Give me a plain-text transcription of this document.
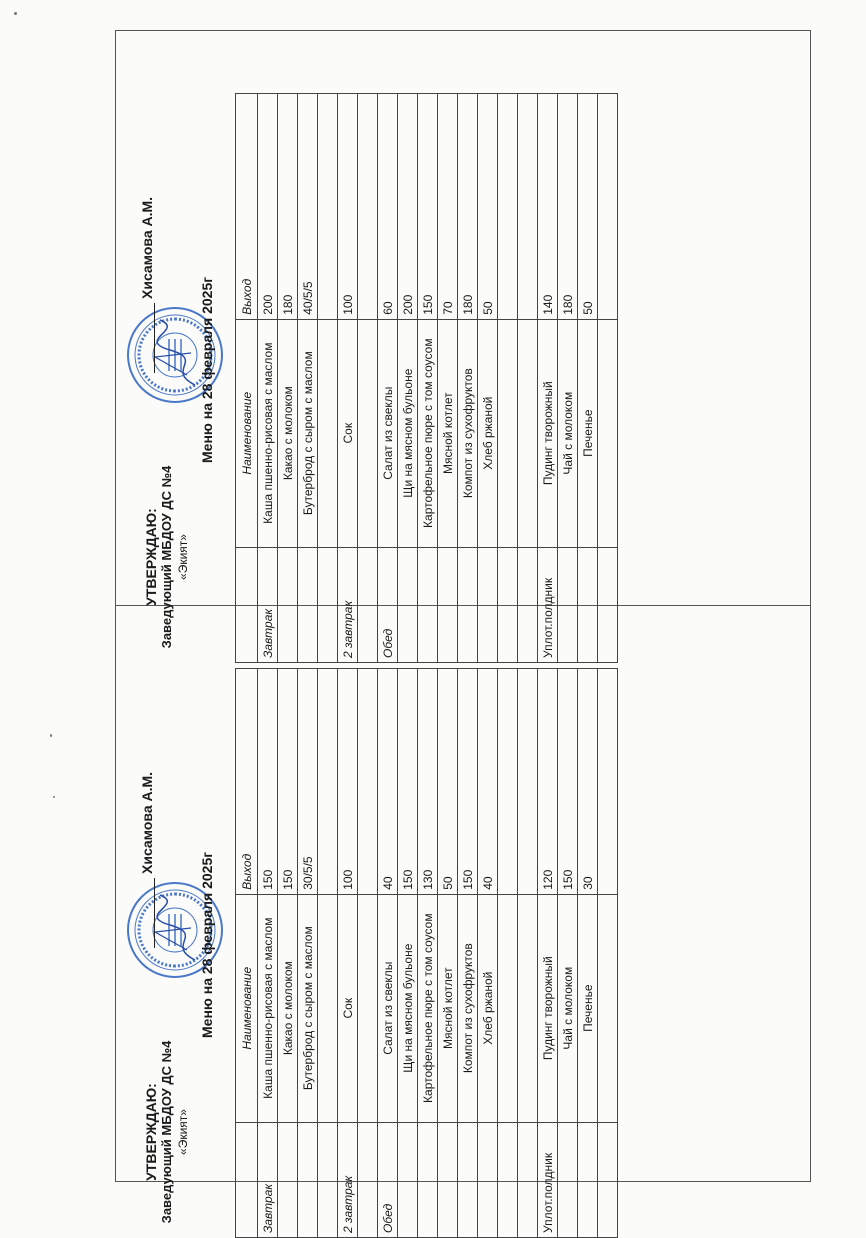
УТВЕРЖДАЮ: Заведующий МБДОУ ДС №4 «Экият»
Хисамова А.М.
Меню на 28 февраля 2025г
	Наименование	Выход
Завтрак	Каша пшенно-рисовая с маслом	200
	Какао с молоком	180
	Бутерброд с сыром с маслом	40/5/5

2 завтрак	Сок	100

Обед	Салат из свеклы	60
	Щи на мясном бульоне	200
	Картофельное пюре с том соусом	150
	Мясной котлет	70
	Компот из сухофруктов	180
	Хлеб ржаной	50

Уплот.полдник	Пудинг творожный	140
	Чай с молоком	180
	Печенье	50

УТВЕРЖДАЮ: Заведующий МБДОУ ДС №4 «Экият»
Хисамова А.М.
Меню на 28 февраля 2025г
	Наименование	Выход
Завтрак	Каша пшенно-рисовая с маслом	150
	Какао с молоком	150
	Бутерброд с сыром с маслом	30/5/5

2 завтрак	Сок	100

Обед	Салат из свеклы	40
	Щи на мясном бульоне	150
	Картофельное пюре с том соусом	130
	Мясной котлет	50
	Компот из сухофруктов	150
	Хлеб ржаной	40

Уплот.полдник	Пудинг творожный	120
	Чай с молоком	150
	Печенье	30
